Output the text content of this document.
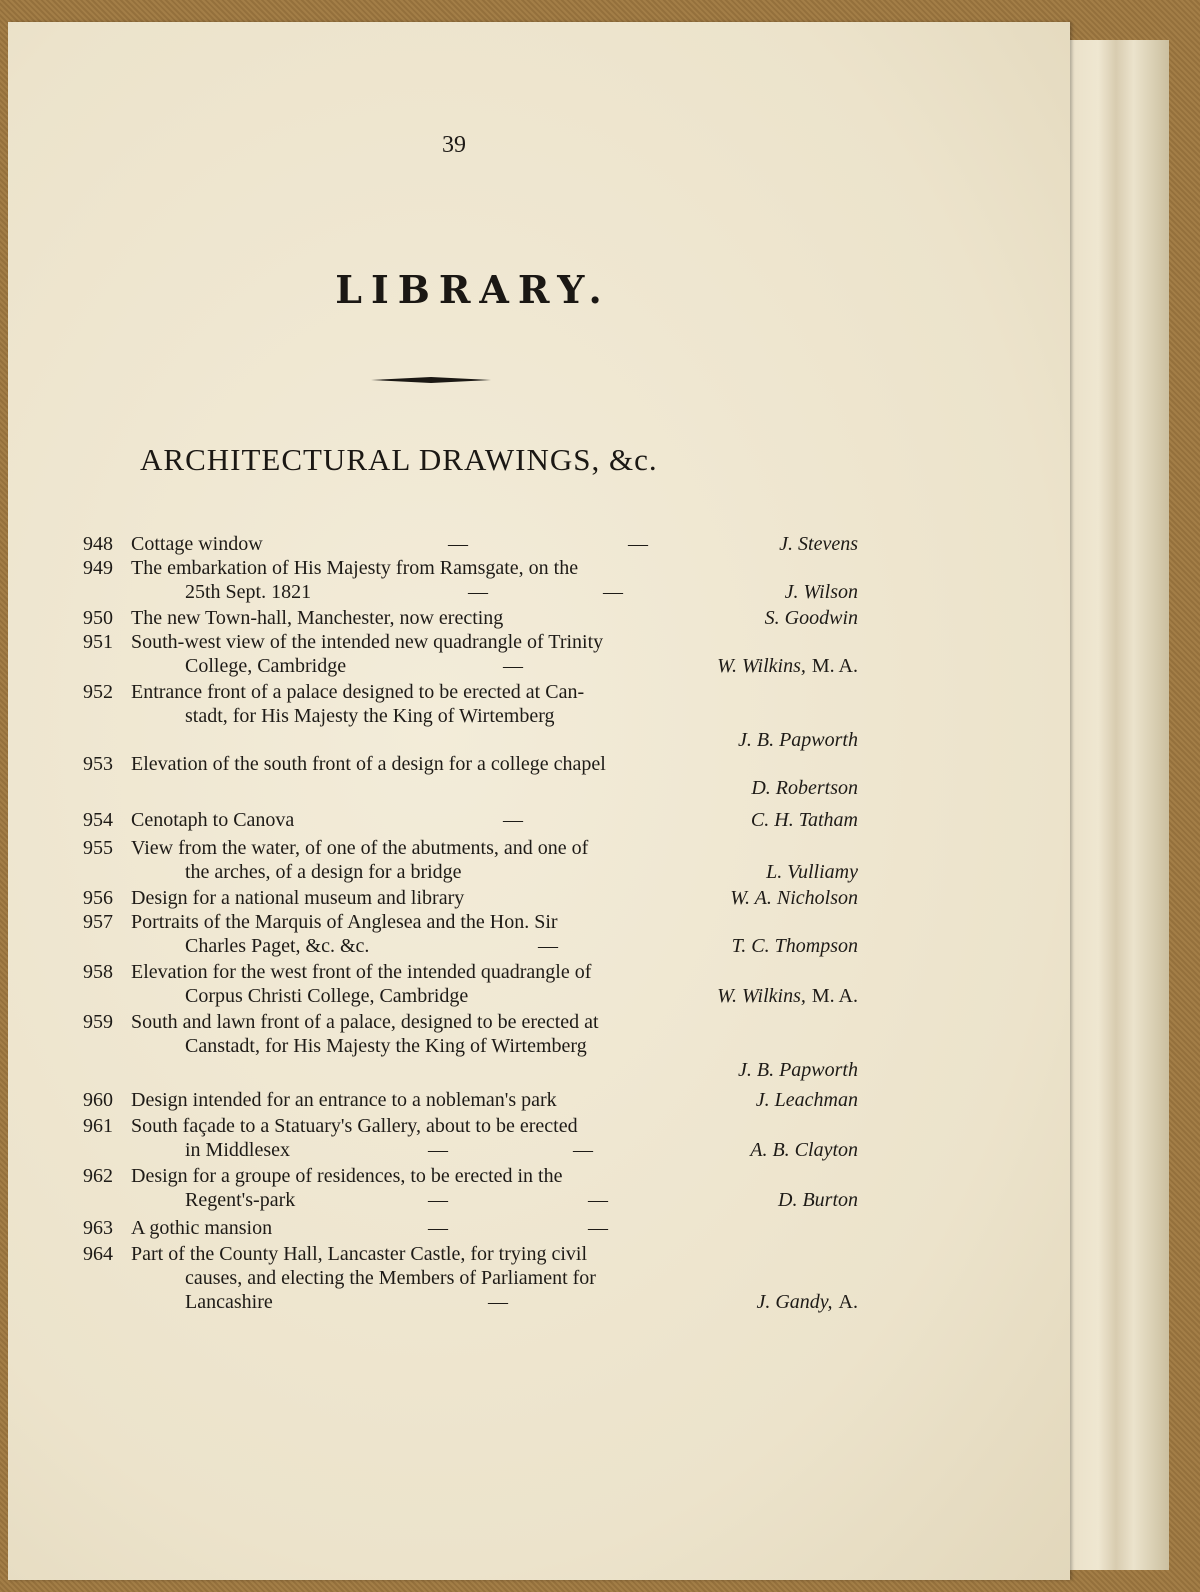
39
LIBRARY.
ARCHITECTURAL DRAWINGS, &c.
948 Cottage window	—	—	J. Stevens
949 The embarkation of His Majesty from Ramsgate, on the
25th Sept. 1821	—	—	J. Wilson
950 The new Town-hall, Manchester, now erecting	S. Goodwin
951 South-west view of the intended new quadrangle of Trinity
College, Cambridge	—	W. Wilkins, M. A.
952 Entrance front of a palace designed to be erected at Can-
stadt, for His Majesty the King of Wirtemberg
J. B. Papworth
953 Elevation of the south front of a design for a college chapel
D. Robertson
954 Cenotaph to Canova	—	C. H. Tatham
955 View from the water, of one of the abutments, and one of
the arches, of a design for a bridge	L. Vulliamy
956 Design for a national museum and library	W. A. Nicholson
957 Portraits of the Marquis of Anglesea and the Hon. Sir
Charles Paget, &c. &c.	—	T. C. Thompson
958 Elevation for the west front of the intended quadrangle of
Corpus Christi College, Cambridge	W. Wilkins, M. A.
959 South and lawn front of a palace, designed to be erected at
Canstadt, for His Majesty the King of Wirtemberg
J. B. Papworth
960 Design intended for an entrance to a nobleman's park	J. Leachman
961 South façade to a Statuary's Gallery, about to be erected
in Middlesex	—	—	A. B. Clayton
962 Design for a groupe of residences, to be erected in the
Regent's-park	—	—	D. Burton
963 A gothic mansion	—	—
964 Part of the County Hall, Lancaster Castle, for trying civil
causes, and electing the Members of Parliament for
Lancashire	—	J. Gandy, A.
